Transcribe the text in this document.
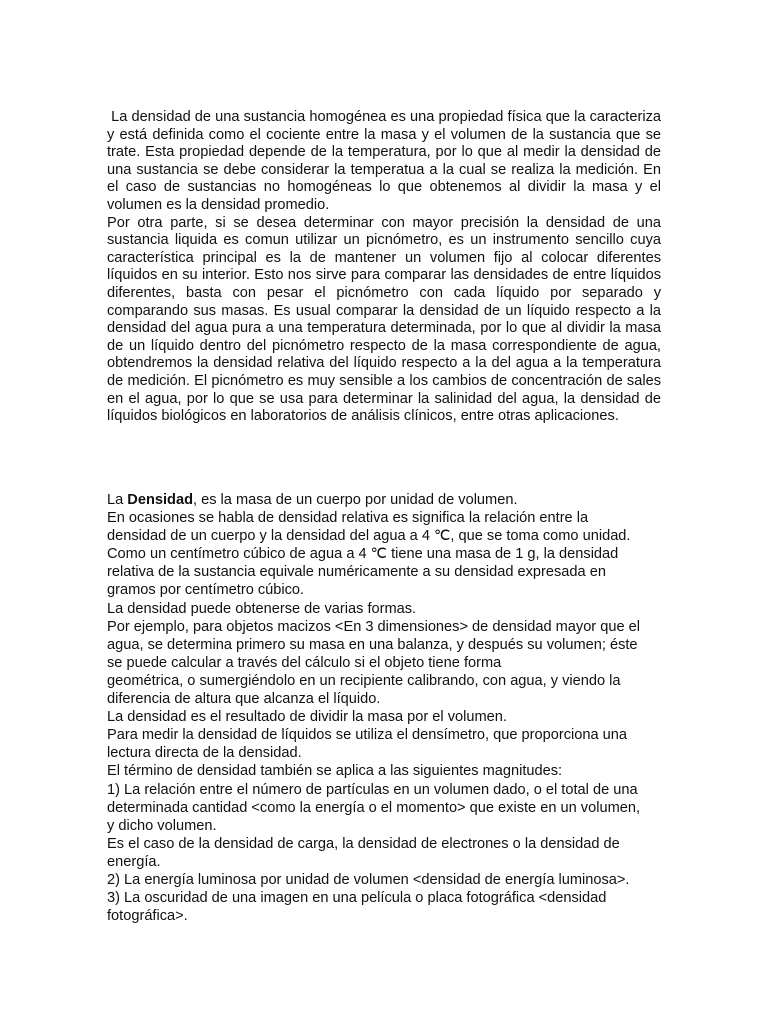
La densidad de una sustancia homogénea es una propiedad física que la caracteriza y está definida como el cociente entre la masa y el volumen de la sustancia que se trate. Esta propiedad depende de la temperatura, por lo que al medir la densidad de una sustancia se debe considerar la temperatua a la cual se realiza la medición. En el caso de sustancias no homogéneas lo que obtenemos al dividir la masa y el volumen es la densidad promedio.
Por otra parte, si se desea determinar con mayor precisión la densidad de una sustancia liquida es comun utilizar un picnómetro, es un instrumento sencillo cuya característica principal es la de mantener un volumen fijo al colocar diferentes líquidos en su interior. Esto nos sirve para comparar las densidades de entre líquidos diferentes, basta con pesar el picnómetro con cada líquido por separado y comparando sus masas. Es usual comparar la densidad de un líquido respecto a la densidad del agua pura a una temperatura determinada, por lo que al dividir la masa de un líquido dentro del picnómetro respecto de la masa correspondiente de agua, obtendremos la densidad relativa del líquido respecto a la del agua a la temperatura de medición. El picnómetro es muy sensible a los cambios de concentración de sales en el agua, por lo que se usa para determinar la salinidad del agua, la densidad de líquidos biológicos en laboratorios de análisis clínicos, entre otras aplicaciones.
La Densidad, es la masa de un cuerpo por unidad de volumen.
En ocasiones se habla de densidad relativa es significa la relación entre la
densidad de un cuerpo y la densidad del agua a 4 ℃, que se toma como unidad.
Como un centímetro cúbico de agua a 4 ℃ tiene una masa de 1 g, la densidad
relativa de la sustancia equivale numéricamente a su densidad expresada en
gramos por centímetro cúbico.
La densidad puede obtenerse de varias formas.
Por ejemplo, para objetos macizos <En 3 dimensiones> de densidad mayor que el
agua, se determina primero su masa en una balanza, y después su volumen; éste
se puede calcular a través del cálculo si el objeto tiene forma
geométrica, o sumergiéndolo en un recipiente calibrando, con agua, y viendo la
diferencia de altura que alcanza el líquido.
La densidad es el resultado de dividir la masa por el volumen.
Para medir la densidad de líquidos se utiliza el densímetro, que proporciona una
lectura directa de la densidad.
El término de densidad también se aplica a las siguientes magnitudes:
1) La relación entre el número de partículas en un volumen dado, o el total de una
determinada cantidad <como la energía o el momento> que existe en un volumen,
y dicho volumen.
Es el caso de la densidad de carga, la densidad de electrones o la densidad de
energía.
2) La energía luminosa por unidad de volumen <densidad de energía luminosa>.
3) La oscuridad de una imagen en una película o placa fotográfica <densidad
fotográfica>.
